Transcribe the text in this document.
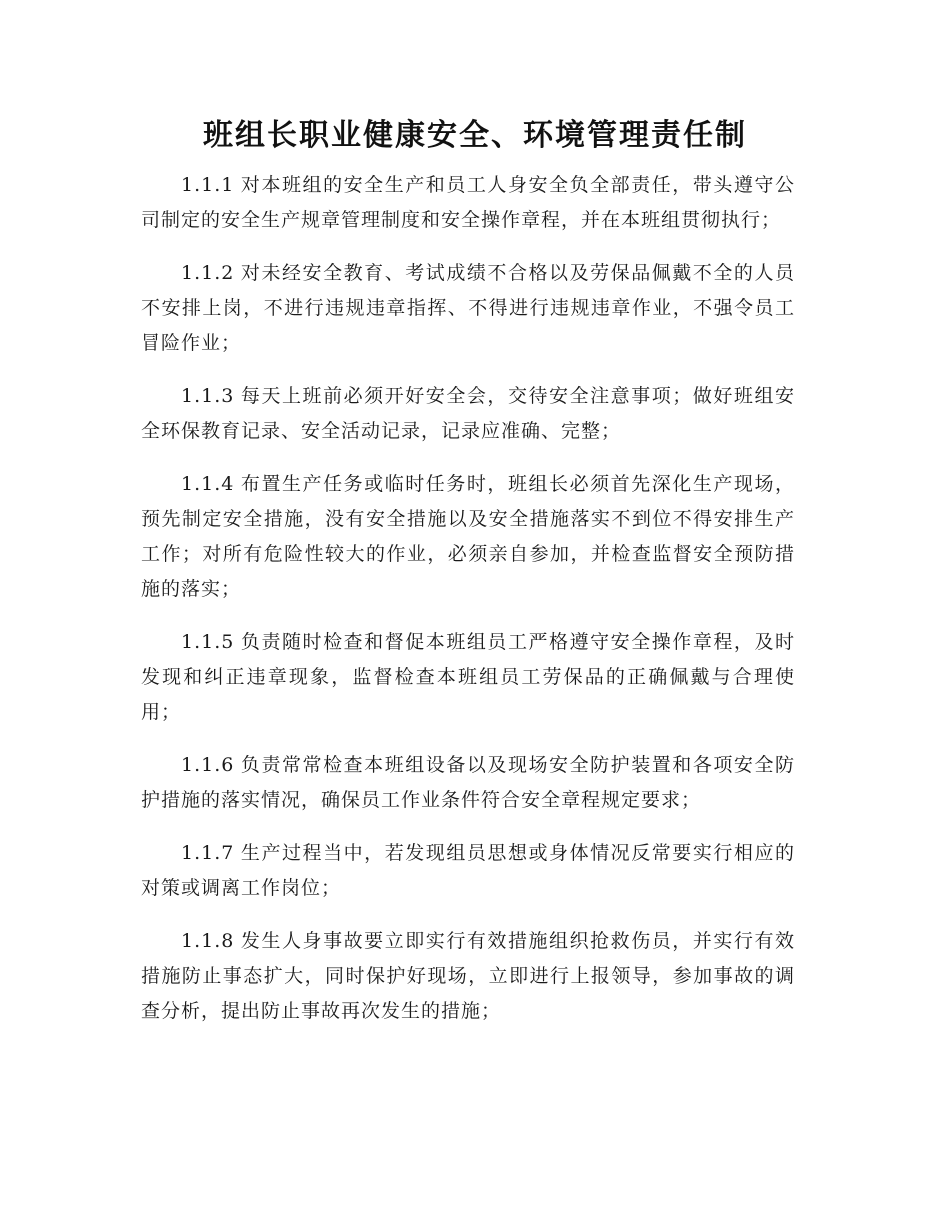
班组长职业健康安全、环境管理责任制

1.1.1 对本班组的安全生产和员工人身安全负全部责任，带头遵守公司制定的安全生产规章管理制度和安全操作章程，并在本班组贯彻执行；

1.1.2 对未经安全教育、考试成绩不合格以及劳保品佩戴不全的人员不安排上岗，不进行违规违章指挥、不得进行违规违章作业，不强令员工冒险作业；

1.1.3 每天上班前必须开好安全会，交待安全注意事项；做好班组安全环保教育记录、安全活动记录，记录应准确、完整；

1.1.4 布置生产任务或临时任务时，班组长必须首先深化生产现场，预先制定安全措施，没有安全措施以及安全措施落实不到位不得安排生产工作；对所有危险性较大的作业，必须亲自参加，并检查监督安全预防措施的落实；

1.1.5 负责随时检查和督促本班组员工严格遵守安全操作章程，及时发现和纠正违章现象，监督检查本班组员工劳保品的正确佩戴与合理使用；

1.1.6 负责常常检查本班组设备以及现场安全防护装置和各项安全防护措施的落实情况，确保员工作业条件符合安全章程规定要求；

1.1.7 生产过程当中，若发现组员思想或身体情况反常要实行相应的对策或调离工作岗位；

1.1.8 发生人身事故要立即实行有效措施组织抢救伤员，并实行有效措施防止事态扩大，同时保护好现场，立即进行上报领导，参加事故的调查分析，提出防止事故再次发生的措施；
